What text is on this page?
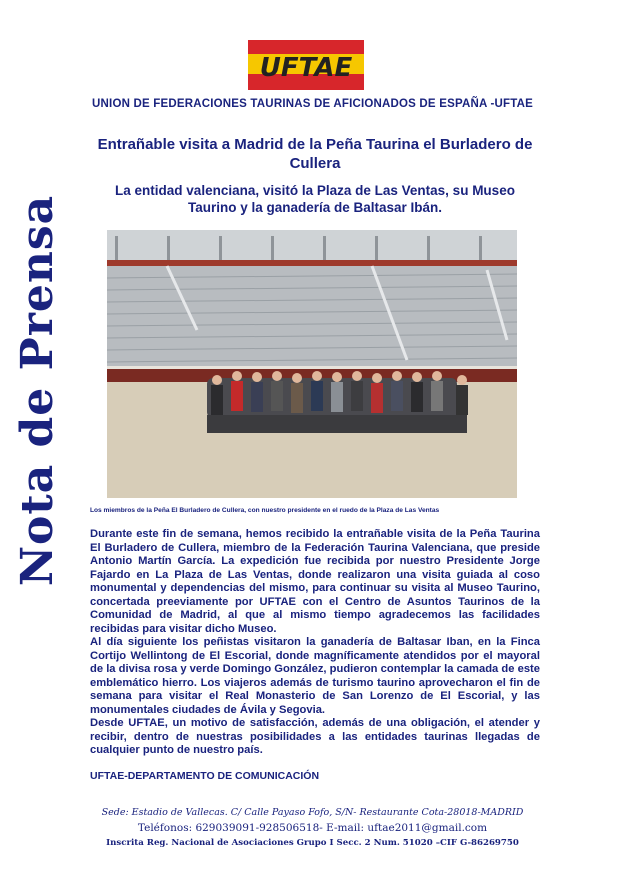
Nota de Prensa
UFTAE
UNION DE FEDERACIONES TAURINAS DE AFICIONADOS DE ESPAÑA -UFTAE
Entrañable visita a Madrid de la Peña Taurina el Burladero de Cullera
La entidad valenciana, visitó la Plaza de Las Ventas, su Museo Taurino y la ganadería de Baltasar Ibán.
Los miembros de la Peña El Burladero de Cullera, con nuestro presidente en el ruedo de la Plaza de Las Ventas

Durante este fin de semana, hemos recibido la entrañable visita de la Peña Taurina El Burladero de Cullera, miembro de la Federación Taurina Valenciana, que preside Antonio Martín García. La expedición fue recibida por nuestro Presidente Jorge Fajardo en La Plaza de Las Ventas, donde realizaron una visita guiada al coso monumental y dependencias del mismo, para continuar su visita al Museo Taurino, concertada preeviamente por UFTAE con el Centro de Asuntos Taurinos de la Comunidad de Madrid, al que al mismo tiempo agradecemos las facilidades recibidas para visitar dicho Museo.

Al día siguiente los peñistas visitaron la ganadería de Baltasar Iban, en la Finca Cortijo Wellintong de El Escorial, donde magníficamente atendidos por el mayoral de la divisa rosa y verde Domingo González, pudieron contemplar la camada de este emblemático hierro. Los viajeros además de turismo taurino aprovecharon el fin de semana para visitar el Real Monasterio de San Lorenzo de El Escorial, y las monumentales ciudades de Ávila y Segovia.

Desde UFTAE, un motivo de satisfacción, además de una obligación, el atender y recibir, dentro de nuestras posibilidades a las entidades taurinas llegadas de cualquier punto de nuestro país.

UFTAE-DEPARTAMENTO DE COMUNICACIÓN
Sede: Estadio de Vallecas. C/ Calle Payaso Fofo, S/N- Restaurante Cota-28018-MADRID
Teléfonos: 629039091-928506518- E-mail: uftae2011@gmail.com
Inscrita Reg. Nacional de Asociaciones Grupo I Secc. 2 Num. 51020 –CIF G-86269750
